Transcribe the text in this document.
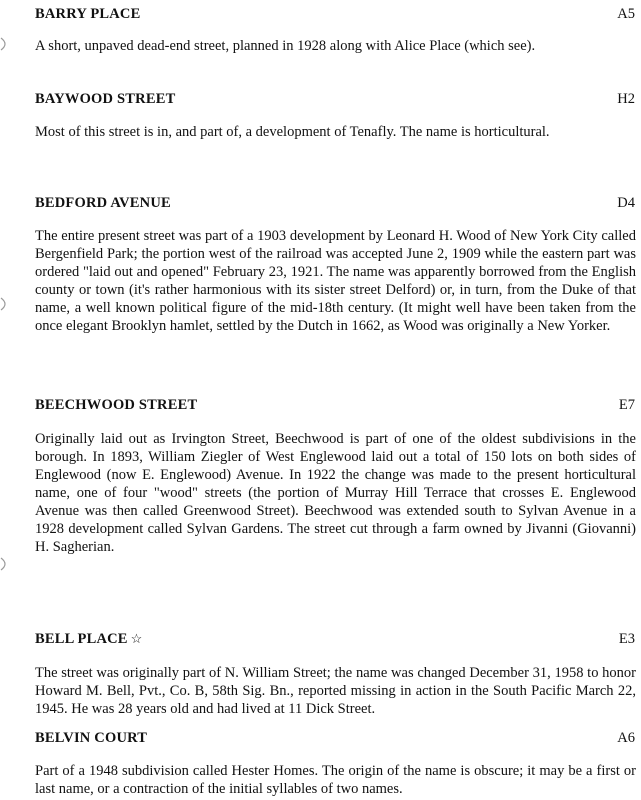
BARRY PLACE	A5

A short, unpaved dead-end street, planned in 1928 along with Alice Place (which see).

BAYWOOD STREET	H2

Most of this street is in, and part of, a development of Tenafly. The name is horticultural.

BEDFORD AVENUE	D4

The entire present street was part of a 1903 development by Leonard H. Wood of New York City called Bergenfield Park; the portion west of the railroad was accepted June 2, 1909 while the eastern part was ordered "laid out and opened" February 23, 1921. The name was apparently borrowed from the English county or town (it's rather harmonious with its sister street Delford) or, in turn, from the Duke of that name, a well known political figure of the mid-18th century. (It might well have been taken from the once elegant Brooklyn hamlet, settled by the Dutch in 1662, as Wood was originally a New Yorker.

BEECHWOOD STREET	E7

Originally laid out as Irvington Street, Beechwood is part of one of the oldest subdivisions in the borough. In 1893, William Ziegler of West Englewood laid out a total of 150 lots on both sides of Englewood (now E. Englewood) Avenue. In 1922 the change was made to the present horticultural name, one of four "wood" streets (the portion of Murray Hill Terrace that crosses E. Englewood Avenue was then called Greenwood Street). Beechwood was extended south to Sylvan Avenue in a 1928 development called Sylvan Gardens. The street cut through a farm owned by Jivanni (Giovanni) H. Sagherian.

BELL PLACE ☆	E3

The street was originally part of N. William Street; the name was changed December 31, 1958 to honor Howard M. Bell, Pvt., Co. B, 58th Sig. Bn., reported missing in action in the South Pacific March 22, 1945. He was 28 years old and had lived at 11 Dick Street.

BELVIN COURT	A6

Part of a 1948 subdivision called Hester Homes. The origin of the name is obscure; it may be a first or last name, or a contraction of the initial syllables of two names.
